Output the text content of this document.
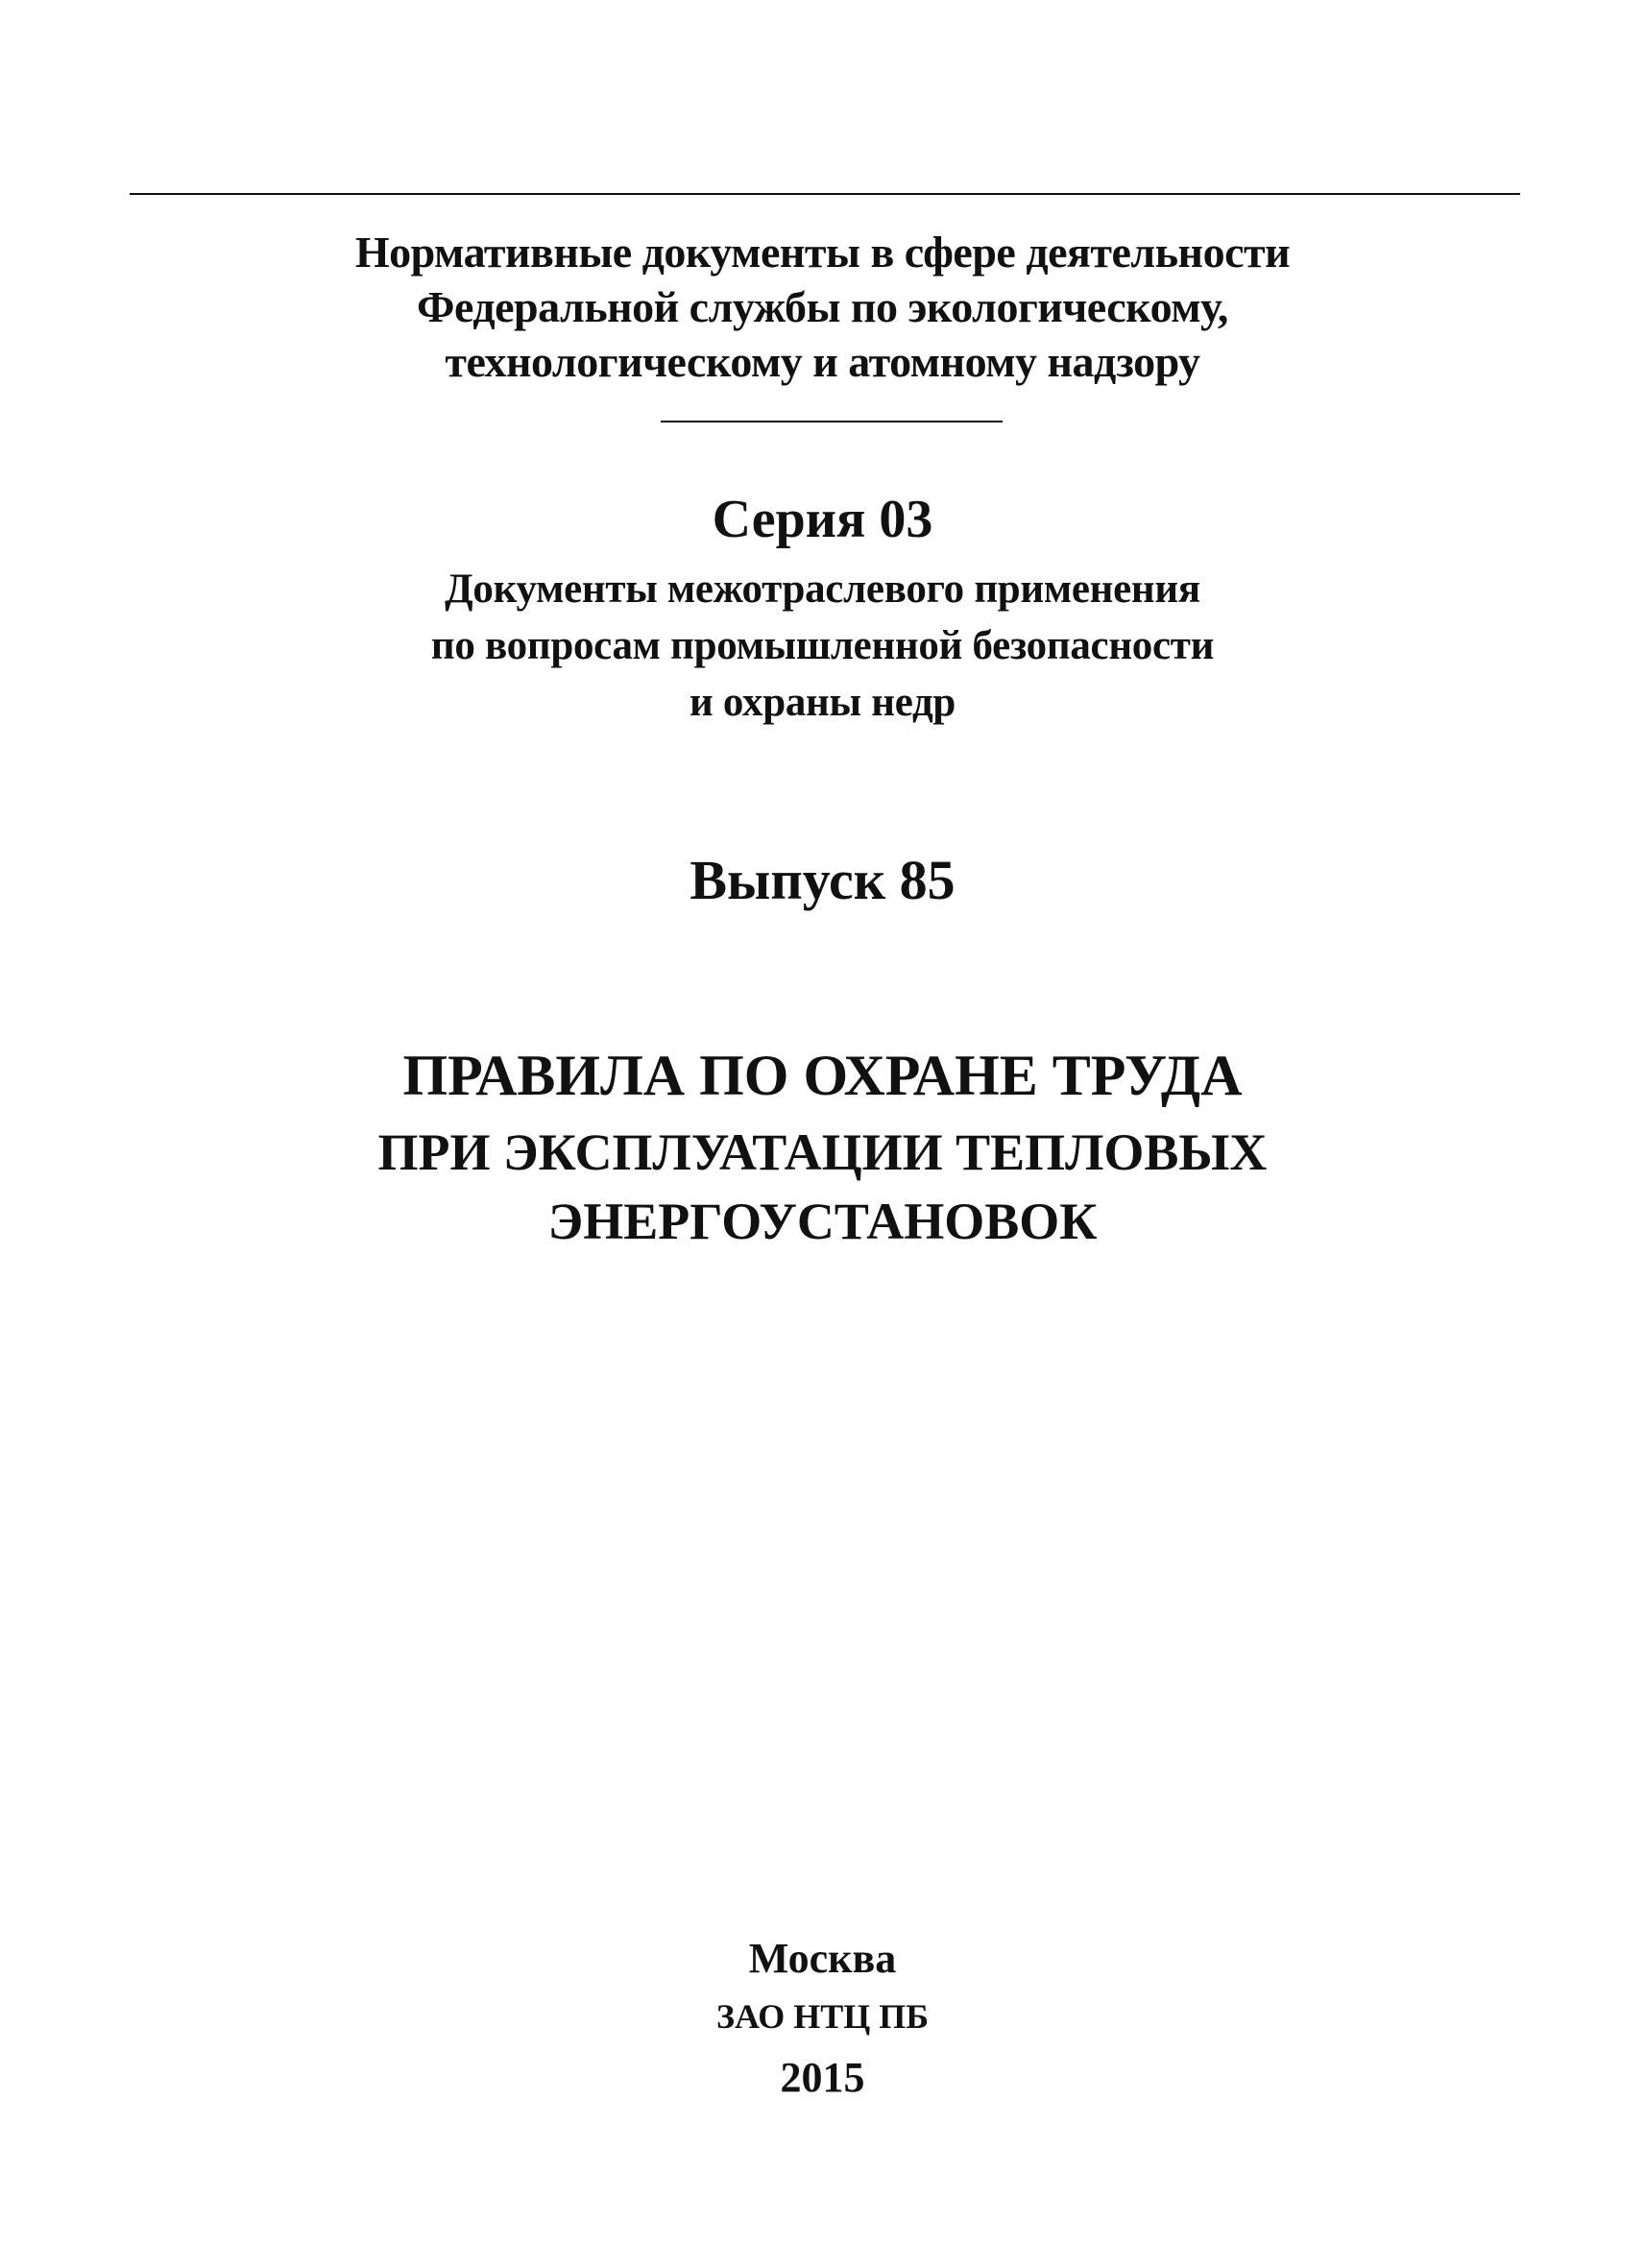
Нормативные документы в сфере деятельности
Федеральной службы по экологическому,
технологическому и атомному надзору
Серия 03
Документы межотраслевого применения
по вопросам промышленной безопасности
и охраны недр
Выпуск 85
ПРАВИЛА ПО ОХРАНЕ ТРУДА
ПРИ ЭКСПЛУАТАЦИИ ТЕПЛОВЫХ
ЭНЕРГОУСТАНОВОК
Москва
ЗАО НТЦ ПБ
2015
